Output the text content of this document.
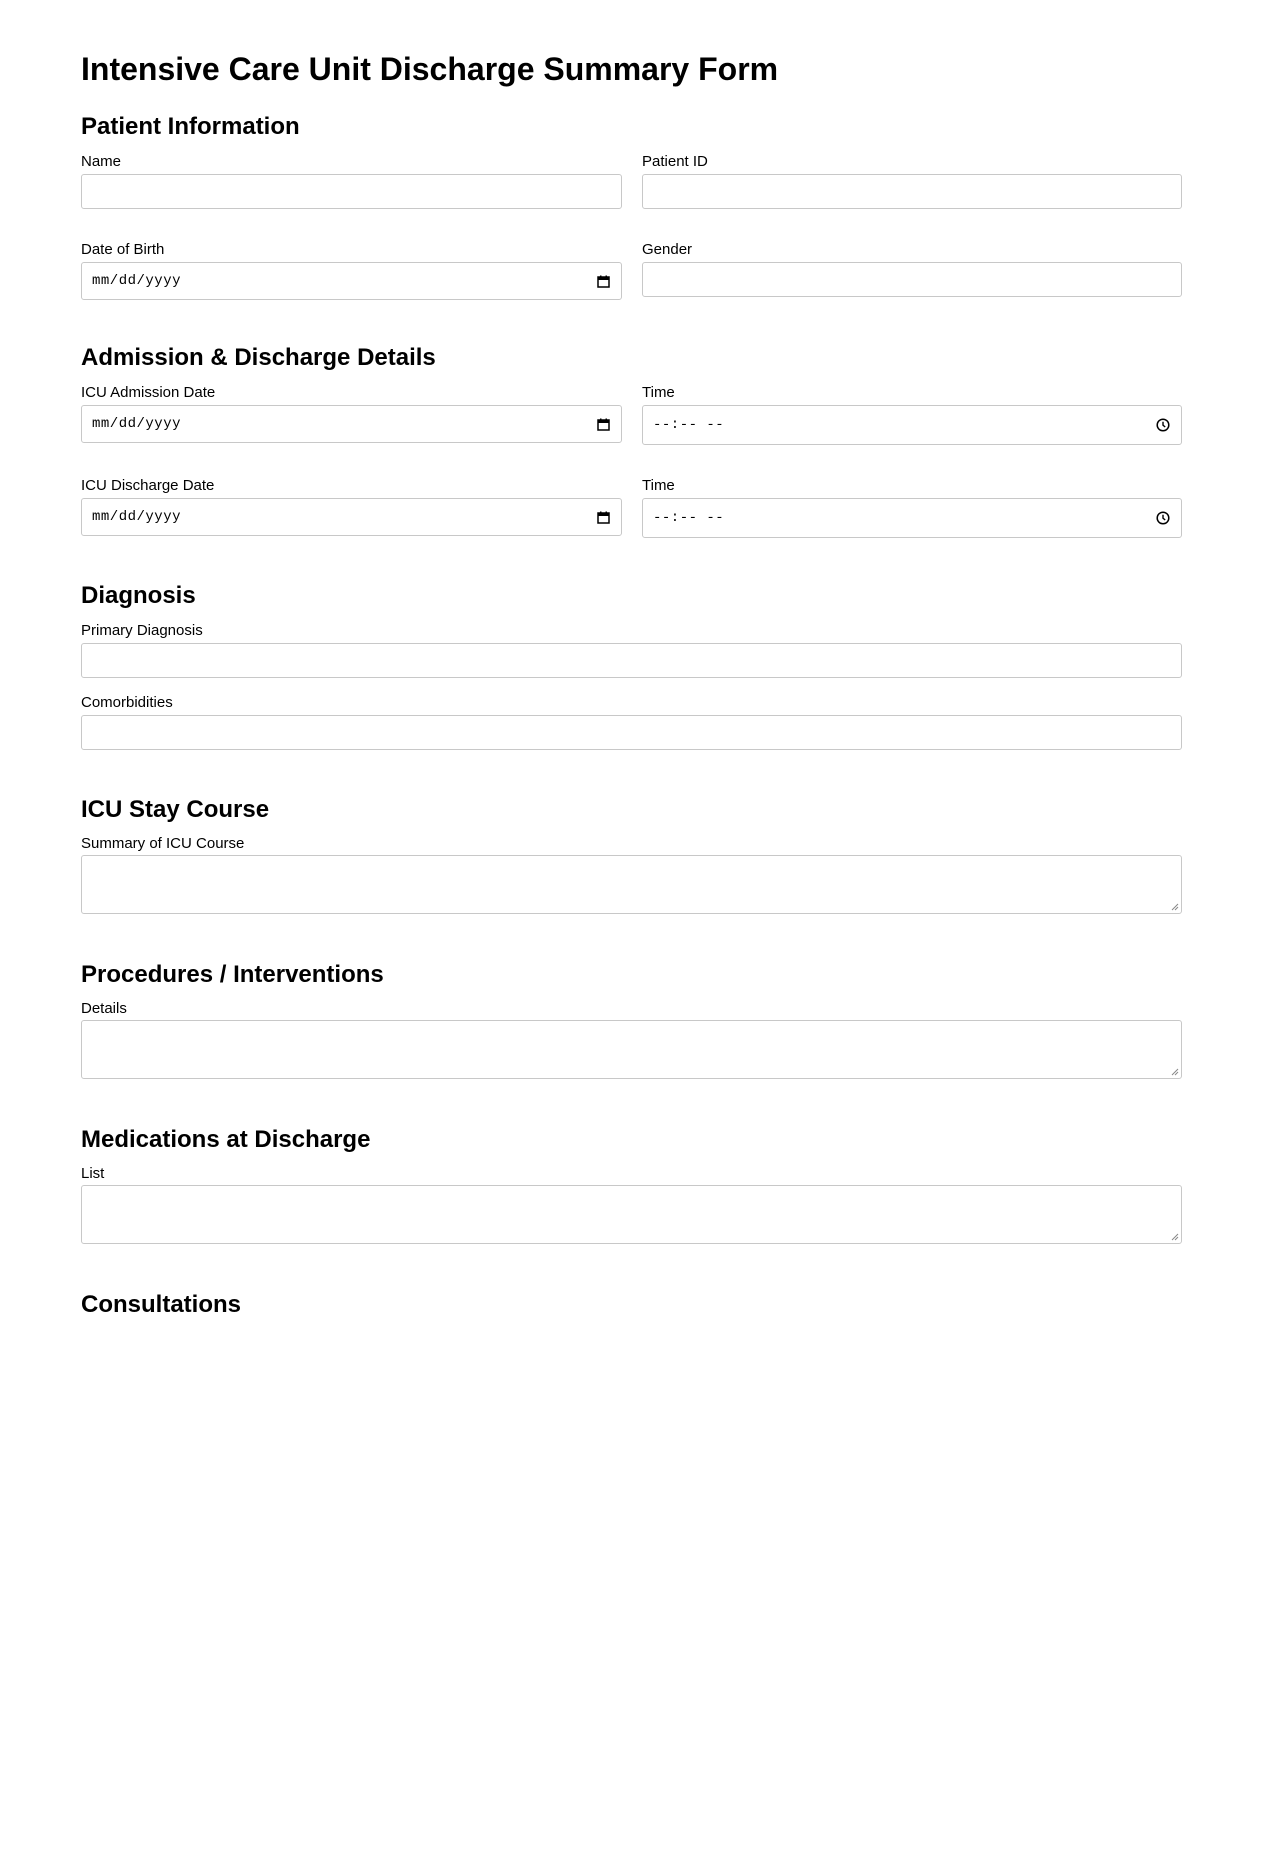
Intensive Care Unit Discharge Summary Form
Patient Information
Name	Patient ID
Date of Birth
mm/dd/yyyy
Gender
Admission & Discharge Details
ICU Admission Date
mm/dd/yyyy
Time
--:-- --
ICU Discharge Date
mm/dd/yyyy
Time
--:-- --
Diagnosis
Primary Diagnosis
Comorbidities
ICU Stay Course
Summary of ICU Course
Procedures / Interventions
Details
Medications at Discharge
List
Consultations
